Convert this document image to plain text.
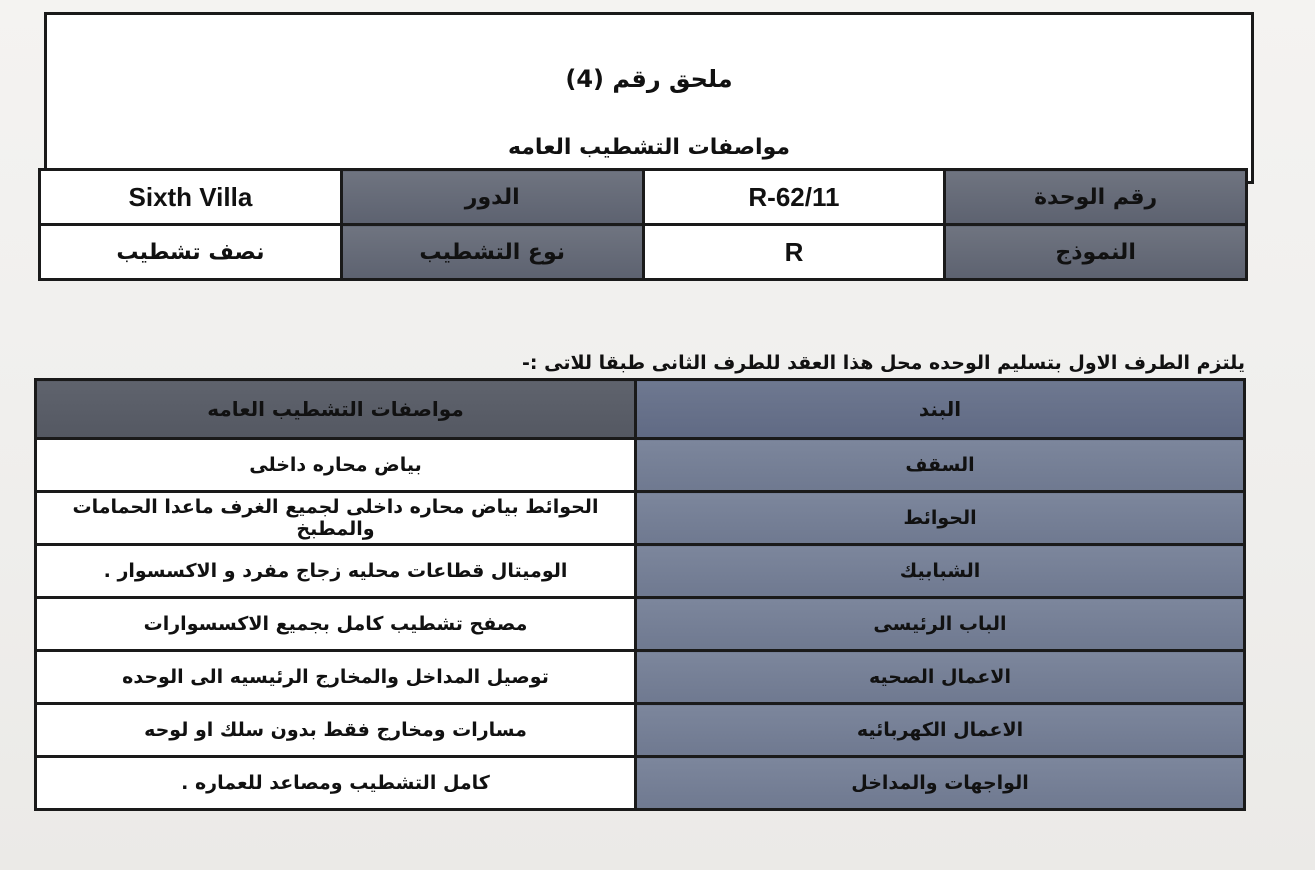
ملحق رقم (4)
مواصفات التشطيب العامه
رقم الوحدة	11/R-62	الدور	Sixth Villa
النموذج	R	نوع التشطيب	نصف تشطيب
يلتزم الطرف الاول بتسليم الوحده محل هذا العقد للطرف الثانى طبقا للاتى :-
البند	مواصفات التشطيب العامه
السقف	بياض محاره داخلى
الحوائط	الحوائط بياض محاره داخلى لجميع الغرف ماعدا الحمامات والمطبخ
الشبابيك	الوميتال قطاعات محليه زجاج مفرد و الاكسسوار .
الباب الرئيسى	مصفح تشطيب كامل بجميع الاكسسوارات
الاعمال الصحيه	توصيل المداخل والمخارج الرئيسيه الى الوحده
الاعمال الكهربائيه	مسارات ومخارج فقط بدون سلك او لوحه
الواجهات والمداخل	كامل التشطيب ومصاعد للعماره .
